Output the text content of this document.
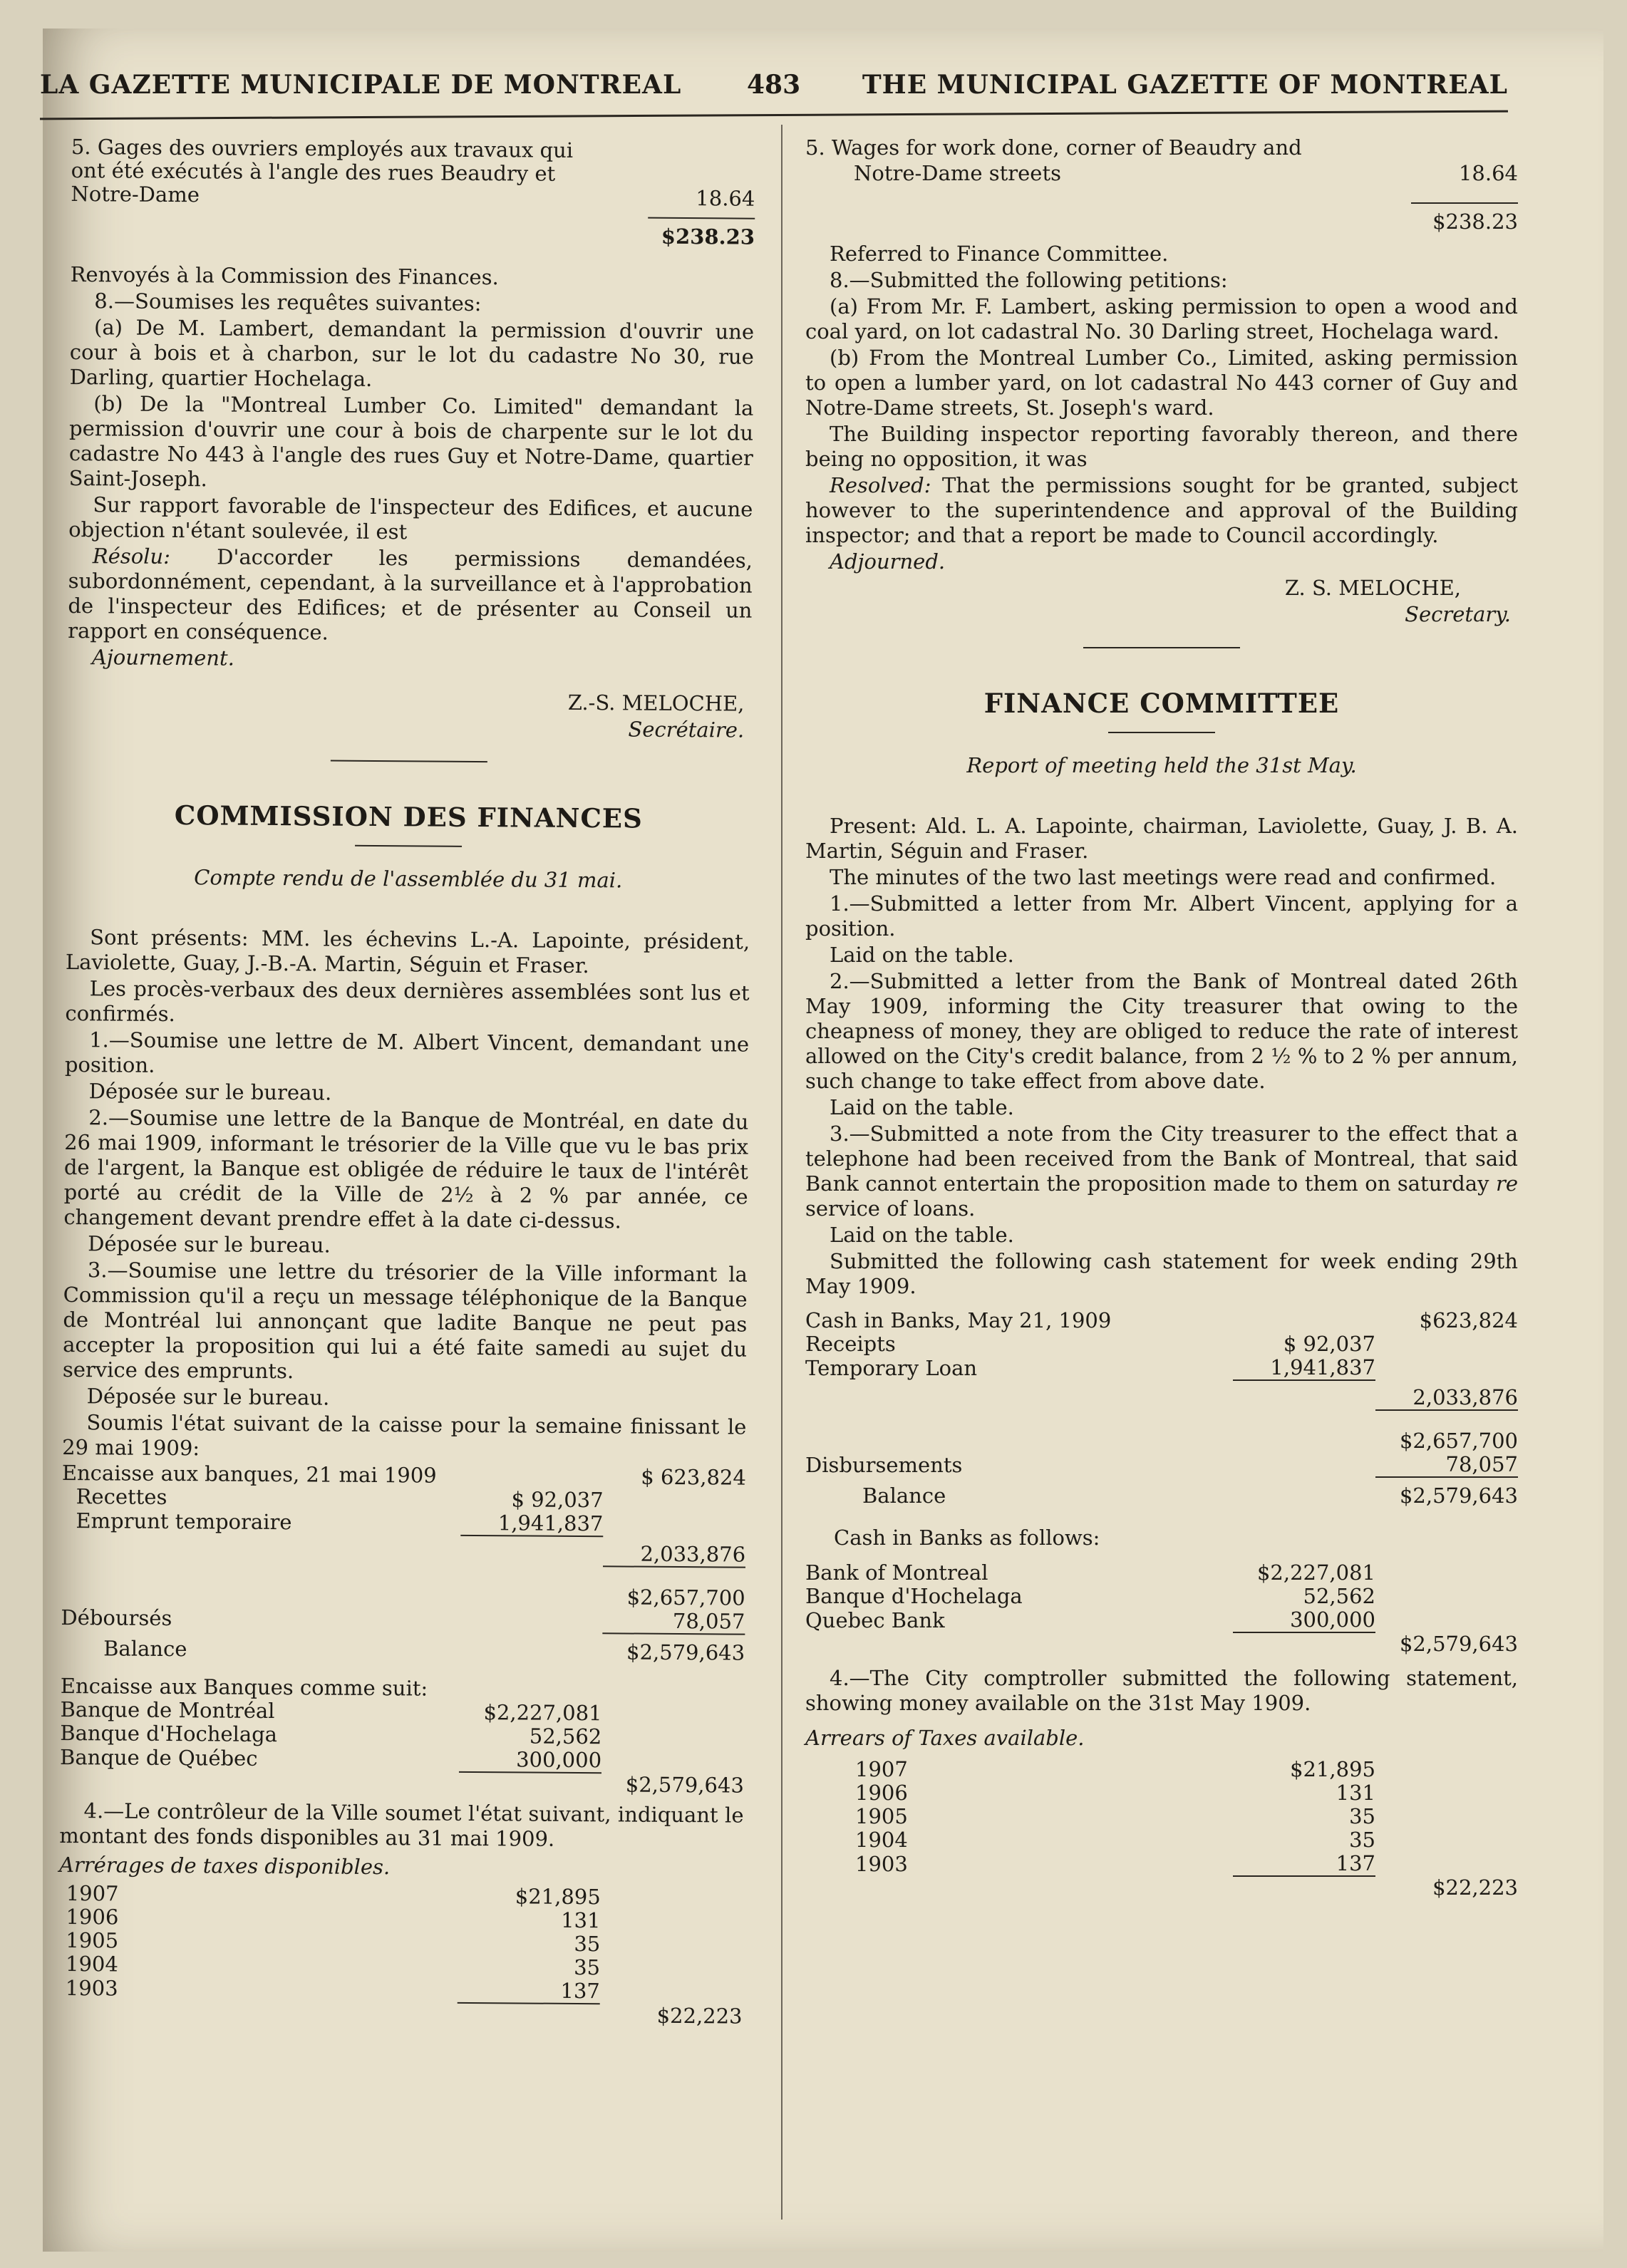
LA GAZETTE MUNICIPALE DE MONTREAL	483 THE MUNICIPAL GAZETTE OF MONTREAL
5. Gages des ouvriers employés aux travaux qui ont été exécutés à l'angle des rues Beaudry et Notre-Dame	18.64

$238.23

Renvoyés à la Commission des Finances.

8.—Soumises les requêtes suivantes:

(a) De M. Lambert, demandant la permission d'ouvrir une cour à bois et à charbon, sur le lot du cadastre No 30, rue Darling, quartier Hochelaga.

(b) De la "Montreal Lumber Co. Limited" demandant la permission d'ouvrir une cour à bois de charpente sur le lot du cadastre No 443 à l'angle des rues Guy et Notre-Dame, quartier Saint-Joseph.

Sur rapport favorable de l'inspecteur des Edifices, et aucune objection n'étant soulevée, il est

Résolu: D'accorder les permissions demandées, subordonnément, cependant, à la surveillance et à l'approbation de l'inspecteur des Edifices; et de présenter au Conseil un rapport en conséquence.

Ajournement.

Z.-S. MELOCHE,

Secrétaire.

COMMISSION DES FINANCES
Compte rendu de l'assemblée du 31 mai.

Sont présents: MM. les échevins L.-A. Lapointe, président, Laviolette, Guay, J.-B.-A. Martin, Séguin et Fraser.

Les procès-verbaux des deux dernières assemblées sont lus et confirmés.

1.—Soumise une lettre de M. Albert Vincent, demandant une position.

Déposée sur le bureau.

2.—Soumise une lettre de la Banque de Montréal, en date du 26 mai 1909, informant le trésorier de la Ville que vu le bas prix de l'argent, la Banque est obligée de réduire le taux de l'intérêt porté au crédit de la Ville de 2½ à 2 % par année, ce changement devant prendre effet à la date ci-dessus.

Déposée sur le bureau.

3.—Soumise une lettre du trésorier de la Ville informant la Commission qu'il a reçu un message téléphonique de la Banque de Montréal lui annonçant que ladite Banque ne peut pas accepter la proposition qui lui a été faite samedi au sujet du service des emprunts.

Déposée sur le bureau.

Soumis l'état suivant de la caisse pour la semaine finissant le 29 mai 1909:

Encaisse aux banques, 21 mai 1909		$ 623,824
Recettes	$ 92,037	
Emprunt temporaire	1,941,837	
		2,033,876
		$2,657,700
Déboursés		78,057
Balance		$2,579,643
Encaisse aux Banques comme suit:		
Banque de Montréal	$2,227,081	
Banque d'Hochelaga	52,562	
Banque de Québec	300,000	
		$2,579,643

4.—Le contrôleur de la Ville soumet l'état suivant, indiquant le montant des fonds disponibles au 31 mai 1909.

Arrérages de taxes disponibles.

1907	$21,895	
1906	131	
1905	35	
1904	35	
1903	137	
		$22,223

5. Wages for work done, corner of Beaudry and

Notre-Dame streets	18.64

$238.23

Referred to Finance Committee.

8.—Submitted the following petitions:

(a) From Mr. F. Lambert, asking permission to open a wood and coal yard, on lot cadastral No. 30 Darling street, Hochelaga ward.

(b) From the Montreal Lumber Co., Limited, asking permission to open a lumber yard, on lot cadastral No 443 corner of Guy and Notre-Dame streets, St. Joseph's ward.

The Building inspector reporting favorably thereon, and there being no opposition, it was

Resolved: That the permissions sought for be granted, subject however to the superintendence and approval of the Building inspector; and that a report be made to Council accordingly.

Adjourned.

Z. S. MELOCHE,

Secretary.

FINANCE COMMITTEE
Report of meeting held the 31st May.

Present: Ald. L. A. Lapointe, chairman, Laviolette, Guay, J. B. A. Martin, Séguin and Fraser.

The minutes of the two last meetings were read and confirmed.

1.—Submitted a letter from Mr. Albert Vincent, applying for a position.

Laid on the table.

2.—Submitted a letter from the Bank of Montreal dated 26th May 1909, informing the City treasurer that owing to the cheapness of money, they are obliged to reduce the rate of interest allowed on the City's credit balance, from 2 ½ % to 2 % per annum, such change to take effect from above date.

Laid on the table.

3.—Submitted a note from the City treasurer to the effect that a telephone had been received from the Bank of Montreal, that said Bank cannot entertain the proposition made to them on saturday re service of loans.

Laid on the table.

Submitted the following cash statement for week ending 29th May 1909.

Cash in Banks, May 21, 1909		$623,824
Receipts	$ 92,037	
Temporary Loan	1,941,837	
		2,033,876
		$2,657,700
Disbursements		78,057
Balance		$2,579,643
Cash in Banks as follows:		
Bank of Montreal	$2,227,081	
Banque d'Hochelaga	52,562	
Quebec Bank	300,000	
		$2,579,643

4.—The City comptroller submitted the following statement, showing money available on the 31st May 1909.

Arrears of Taxes available.

1907	$21,895	
1906	131	
1905	35	
1904	35	
1903	137	
		$22,223
